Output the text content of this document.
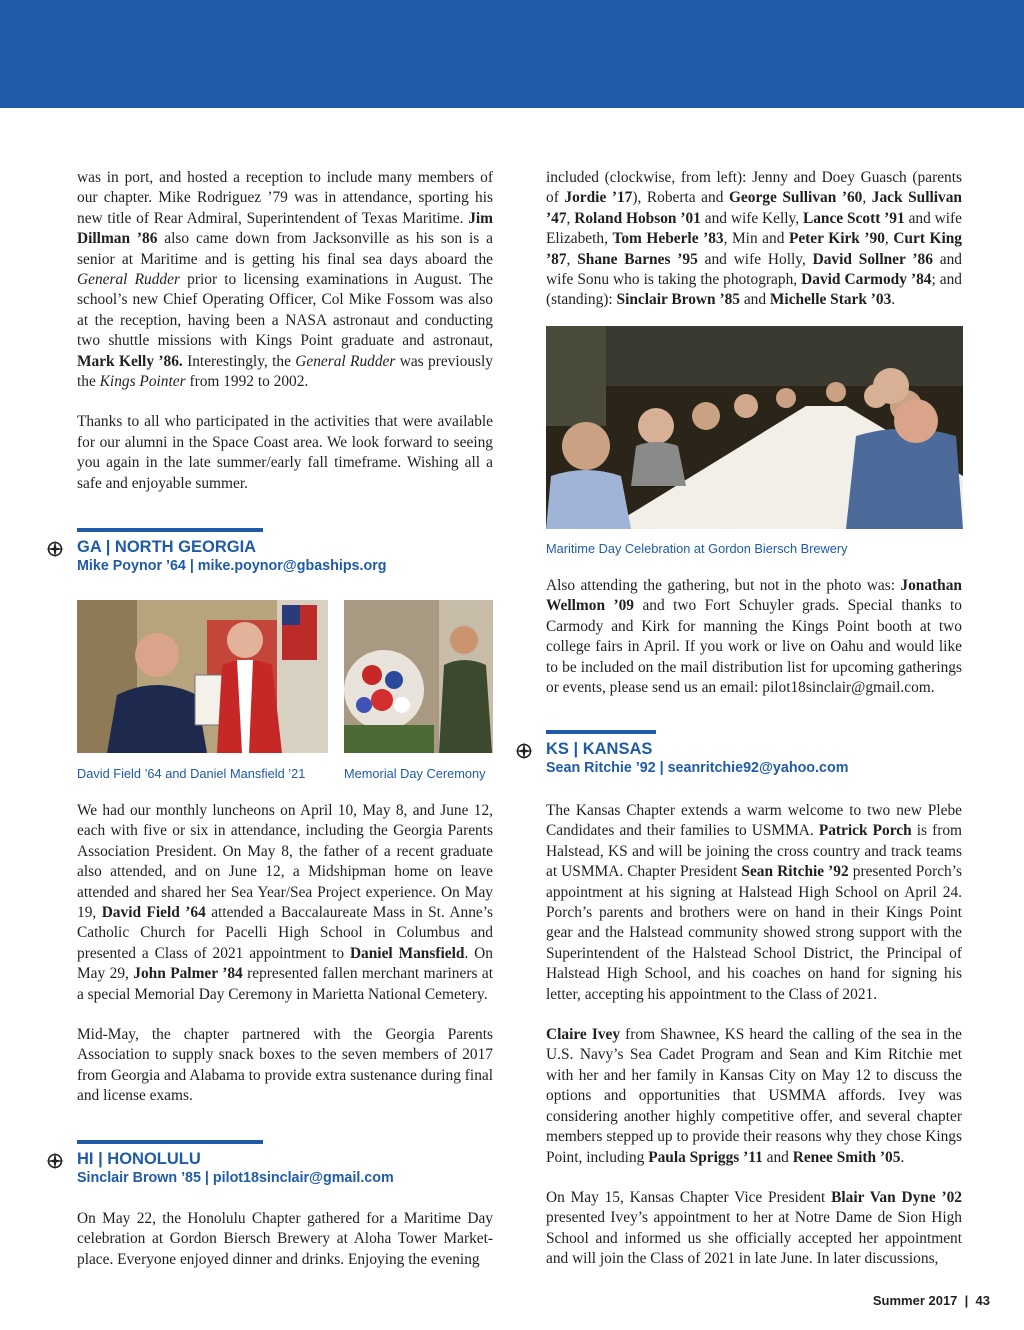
was in port, and hosted a reception to include many members of our chapter. Mike Rodriguez ’79 was in attendance, sporting his new title of Rear Admiral, Superintendent of Texas Maritime. Jim Dillman ’86 also came down from Jacksonville as his son is a senior at Maritime and is getting his final sea days aboard the General Rudder prior to licensing examinations in August. The school’s new Chief Operating Officer, Col Mike Fossom was also at the reception, having been a NASA astronaut and conducting two shuttle missions with Kings Point graduate and astronaut, Mark Kelly ’86. Interestingly, the General Rudder was previously the Kings Pointer from 1992 to 2002.

Thanks to all who participated in the activities that were available for our alumni in the Space Coast area. We look forward to seeing you again in the late summer/early fall timeframe. Wishing all a safe and enjoyable summer.

GA | NORTH GEORGIA
Mike Poynor ’64 | mike.poynor@gbaships.org
David Field ’64 and Daniel Mansfield ’21	Memorial Day Ceremony

We had our monthly luncheons on April 10, May 8, and June 12, each with five or six in attendance, including the Georgia Parents Association President. On May 8, the father of a recent graduate also attended, and on June 12, a Midshipman home on leave attended and shared her Sea Year/Sea Project experience. On May 19, David Field ’64 attended a Baccalaureate Mass in St. Anne’s Catholic Church for Pacelli High School in Columbus and presented a Class of 2021 appointment to Daniel Mansfield. On May 29, John Palmer ’84 represented fallen merchant mariners at a special Memorial Day Ceremony in Marietta National Cemetery.

Mid-May, the chapter partnered with the Georgia Parents Association to supply snack boxes to the seven members of 2017 from Georgia and Alabama to provide extra sustenance during final and license exams.

HI | HONOLULU
Sinclair Brown ’85 | pilot18sinclair@gmail.com

On May 22, the Honolulu Chapter gathered for a Maritime Day celebration at Gordon Biersch Brewery at Aloha Tower Market-place. Everyone enjoyed dinner and drinks. Enjoying the evening

included (clockwise, from left): Jenny and Doey Guasch (parents of Jordie ’17), Roberta and George Sullivan ’60, Jack Sullivan ’47, Roland Hobson ’01 and wife Kelly, Lance Scott ’91 and wife Elizabeth, Tom Heberle ’83, Min and Peter Kirk ’90, Curt King ’87, Shane Barnes ’95 and wife Holly, David Sollner ’86 and wife Sonu who is taking the photograph, David Carmody ’84; and (standing): Sinclair Brown ’85 and Michelle Stark ’03.

Maritime Day Celebration at Gordon Biersch Brewery

Also attending the gathering, but not in the photo was: Jonathan Wellmon ’09 and two Fort Schuyler grads. Special thanks to Carmody and Kirk for manning the Kings Point booth at two college fairs in April. If you work or live on Oahu and would like to be included on the mail distribution list for upcoming gatherings or events, please send us an email: pilot18sinclair@gmail.com.

KS | KANSAS
Sean Ritchie ’92 | seanritchie92@yahoo.com

The Kansas Chapter extends a warm welcome to two new Plebe Candidates and their families to USMMA. Patrick Porch is from Halstead, KS and will be joining the cross country and track teams at USMMA. Chapter President Sean Ritchie ’92 presented Porch’s appointment at his signing at Halstead High School on April 24. Porch’s parents and brothers were on hand in their Kings Point gear and the Halstead community showed strong support with the Superintendent of the Halstead School District, the Principal of Halstead High School, and his coaches on hand for signing his letter, accepting his appointment to the Class of 2021.

Claire Ivey from Shawnee, KS heard the calling of the sea in the U.S. Navy’s Sea Cadet Program and Sean and Kim Ritchie met with her and her family in Kansas City on May 12 to discuss the options and opportunities that USMMA affords. Ivey was considering another highly competitive offer, and several chapter members stepped up to provide their reasons why they chose Kings Point, including Paula Spriggs ’11 and Renee Smith ’05.

On May 15, Kansas Chapter Vice President Blair Van Dyne ’02 presented Ivey’s appointment to her at Notre Dame de Sion High School and informed us she officially accepted her appointment and will join the Class of 2021 in late June. In later discussions,

Summer 2017 | 43
